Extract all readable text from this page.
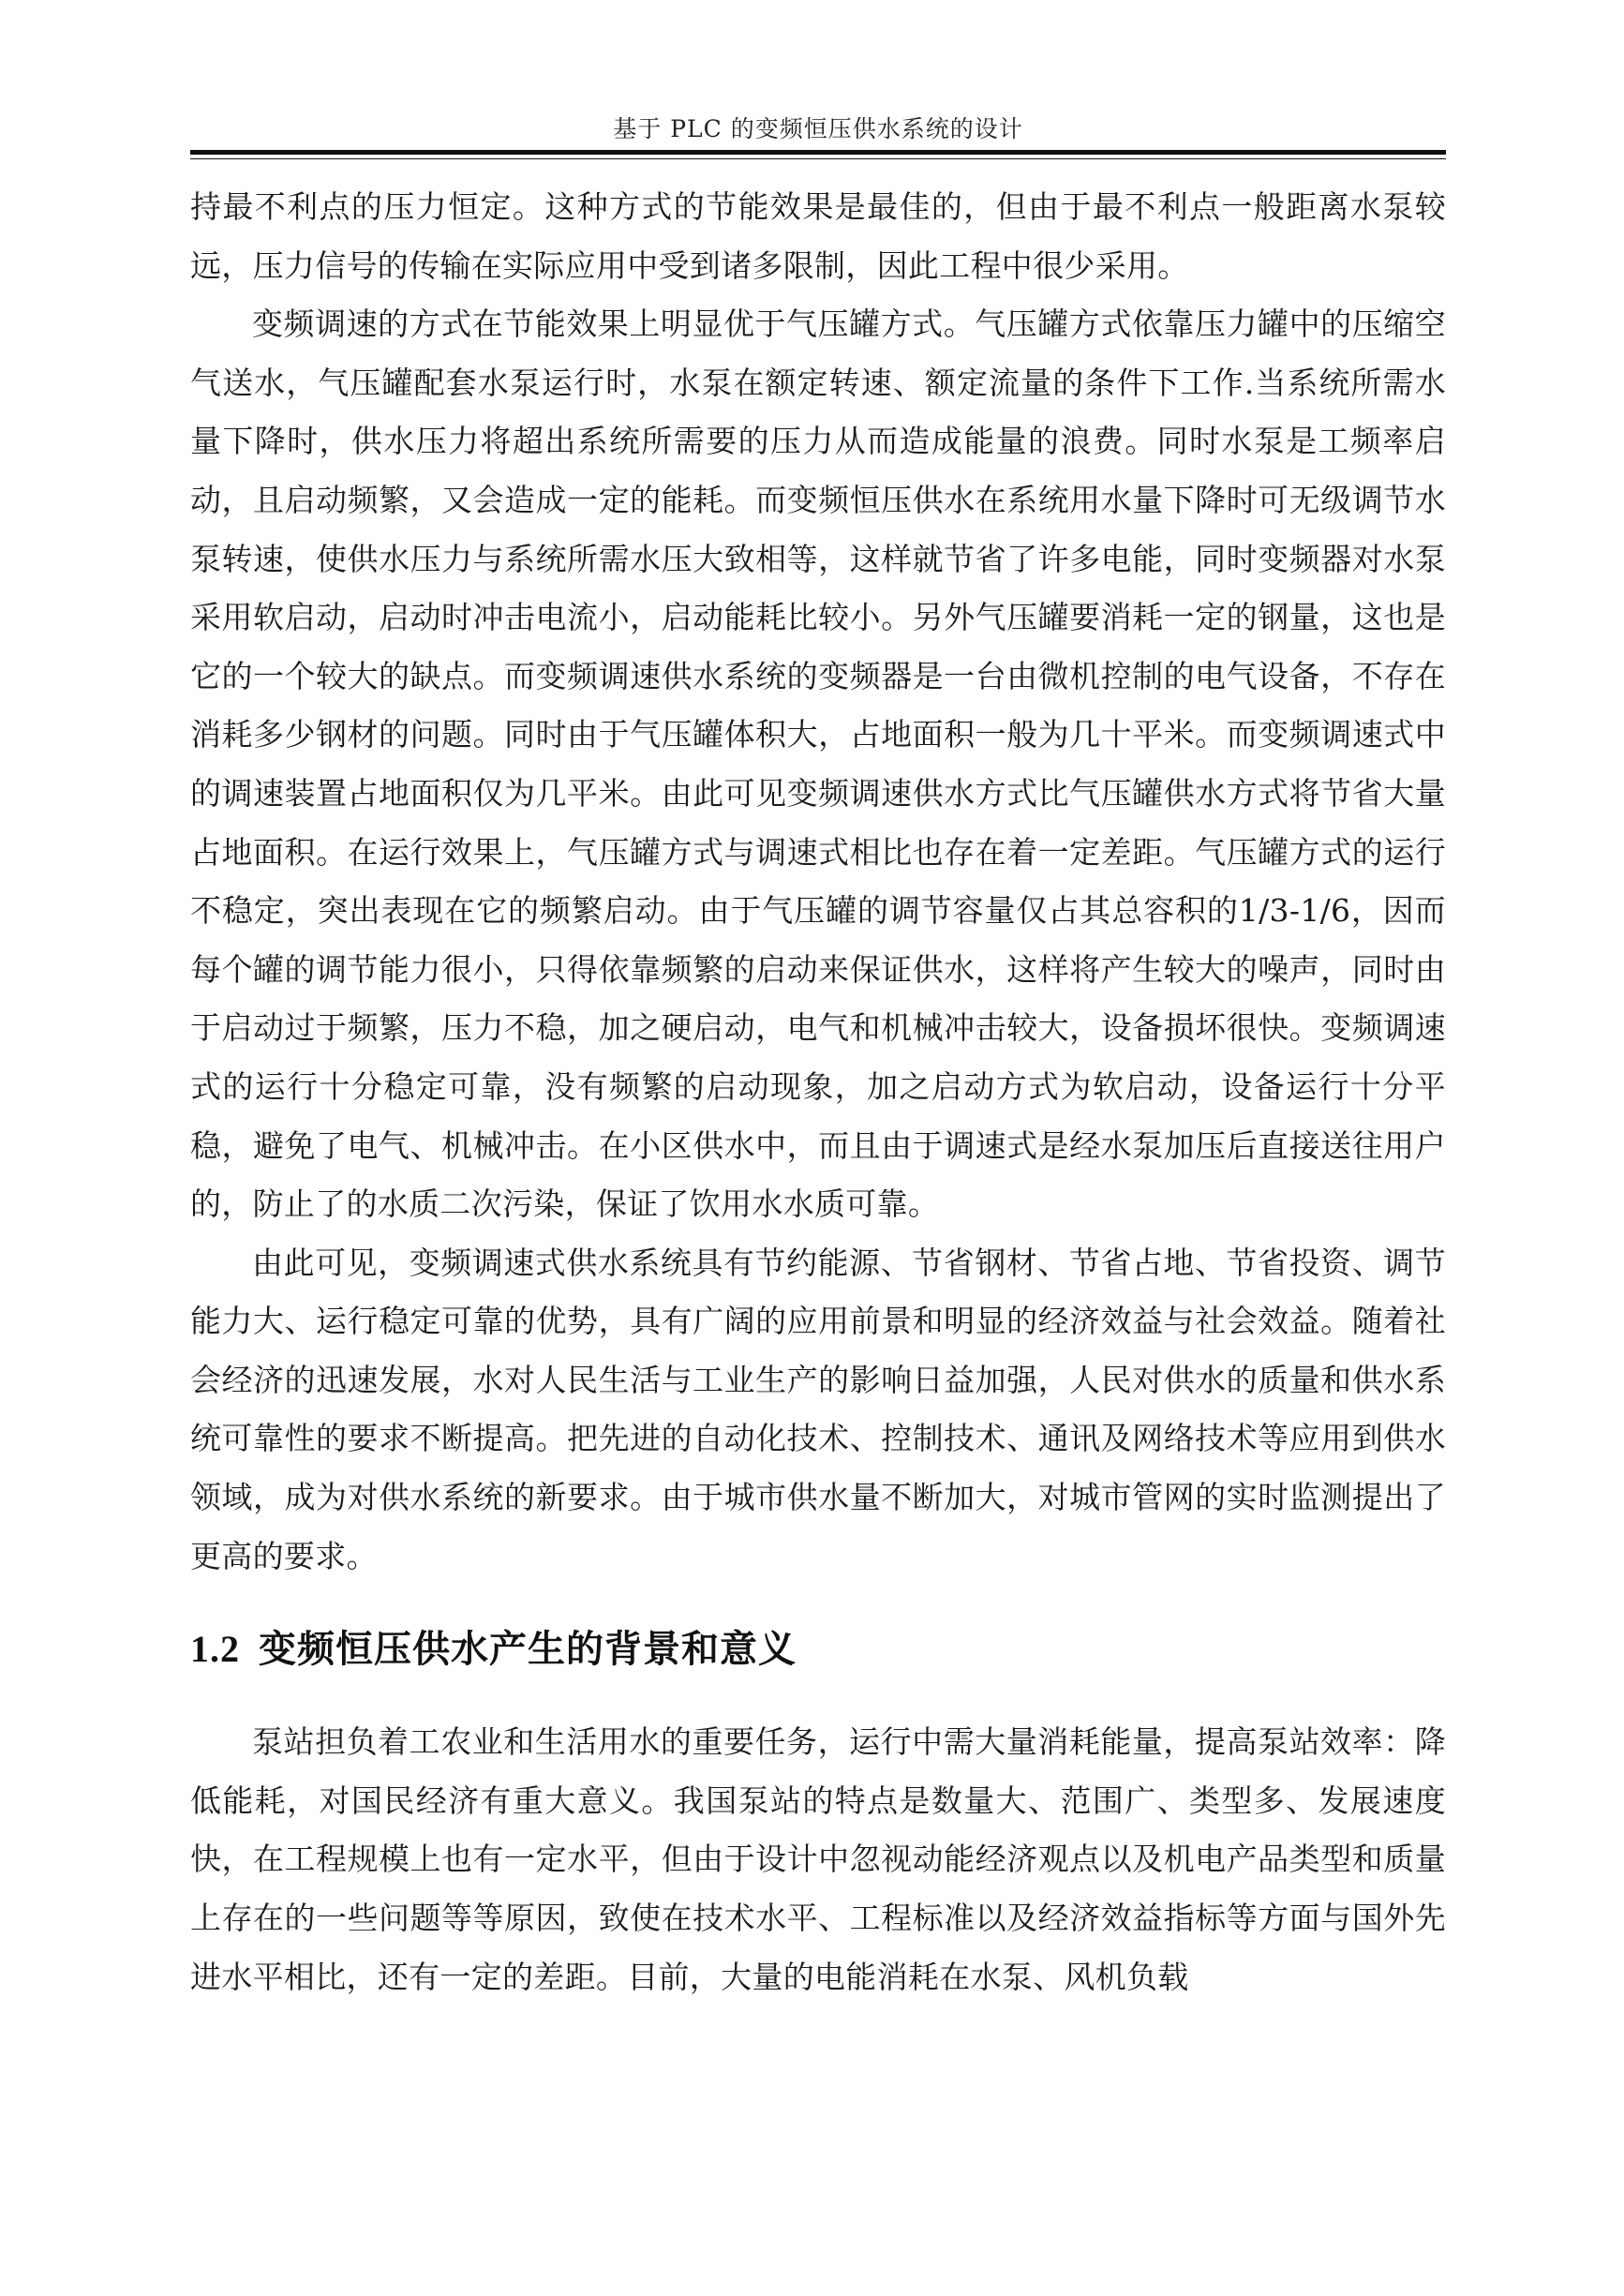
基于 PLC 的变频恒压供水系统的设计

持最不利点的压力恒定。这种方式的节能效果是最佳的，但由于最不利点一般距离水泵较远，压力信号的传输在实际应用中受到诸多限制，因此工程中很少采用。

变频调速的方式在节能效果上明显优于气压罐方式。气压罐方式依靠压力罐中的压缩空气送水，气压罐配套水泵运行时，水泵在额定转速、额定流量的条件下工作.当系统所需水量下降时，供水压力将超出系统所需要的压力从而造成能量的浪费。同时水泵是工频率启动，且启动频繁，又会造成一定的能耗。而变频恒压供水在系统用水量下降时可无级调节水泵转速，使供水压力与系统所需水压大致相等，这样就节省了许多电能，同时变频器对水泵采用软启动，启动时冲击电流小，启动能耗比较小。另外气压罐要消耗一定的钢量，这也是它的一个较大的缺点。而变频调速供水系统的变频器是一台由微机控制的电气设备，不存在消耗多少钢材的问题。同时由于气压罐体积大，占地面积一般为几十平米。而变频调速式中的调速装置占地面积仅为几平米。由此可见变频调速供水方式比气压罐供水方式将节省大量占地面积。在运行效果上，气压罐方式与调速式相比也存在着一定差距。气压罐方式的运行不稳定，突出表现在它的频繁启动。由于气压罐的调节容量仅占其总容积的1/3-1/6，因而每个罐的调节能力很小，只得依靠频繁的启动来保证供水，这样将产生较大的噪声，同时由于启动过于频繁，压力不稳，加之硬启动，电气和机械冲击较大，设备损坏很快。变频调速式的运行十分稳定可靠，没有频繁的启动现象，加之启动方式为软启动，设备运行十分平稳，避免了电气、机械冲击。在小区供水中，而且由于调速式是经水泵加压后直接送往用户的，防止了的水质二次污染，保证了饮用水水质可靠。

由此可见，变频调速式供水系统具有节约能源、节省钢材、节省占地、节省投资、调节能力大、运行稳定可靠的优势，具有广阔的应用前景和明显的经济效益与社会效益。随着社会经济的迅速发展，水对人民生活与工业生产的影响日益加强，人民对供水的质量和供水系统可靠性的要求不断提高。把先进的自动化技术、控制技术、通讯及网络技术等应用到供水领域，成为对供水系统的新要求。由于城市供水量不断加大，对城市管网的实时监测提出了更高的要求。

1.2 变频恒压供水产生的背景和意义

泵站担负着工农业和生活用水的重要任务，运行中需大量消耗能量，提高泵站效率：降低能耗，对国民经济有重大意义。我国泵站的特点是数量大、范围广、类型多、发展速度快，在工程规模上也有一定水平，但由于设计中忽视动能经济观点以及机电产品类型和质量上存在的一些问题等等原因，致使在技术水平、工程标准以及经济效益指标等方面与国外先进水平相比，还有一定的差距。目前，大量的电能消耗在水泵、风机负载
